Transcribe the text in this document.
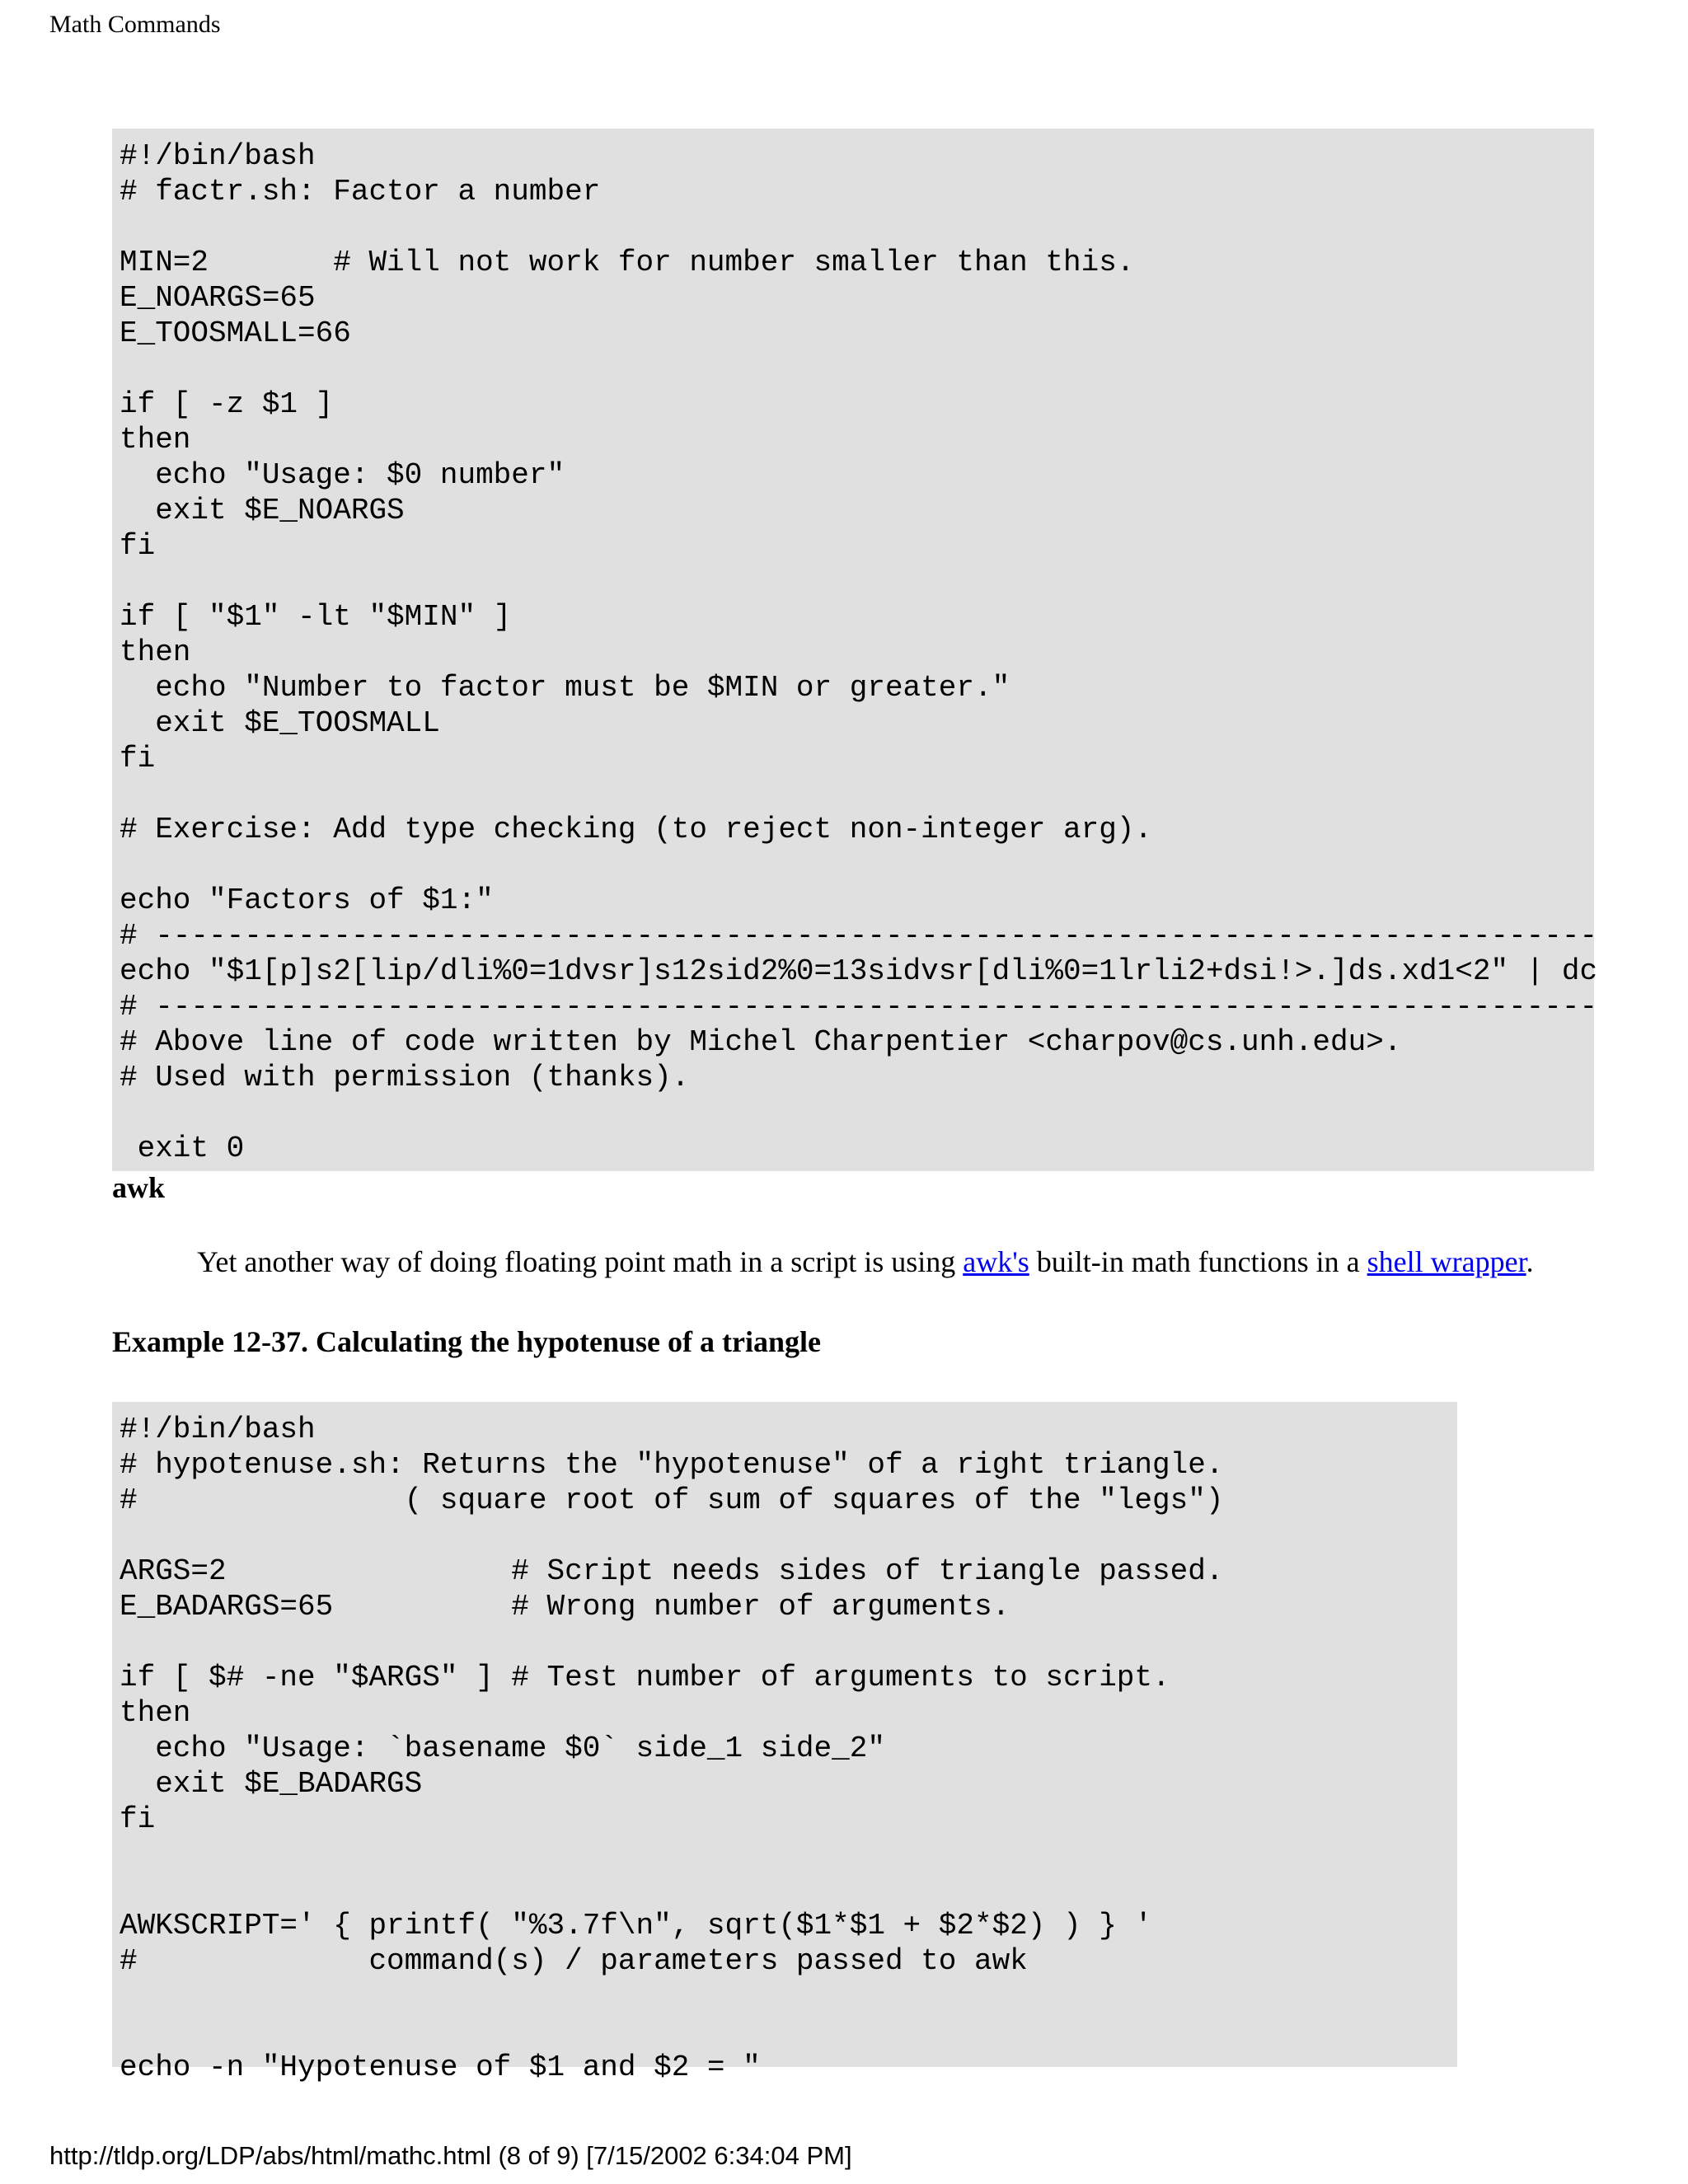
Math Commands
#!/bin/bash
# factr.sh: Factor a number

MIN=2       # Will not work for number smaller than this.
E_NOARGS=65
E_TOOSMALL=66

if [ -z $1 ]
then
echo "Usage: $0 number"
exit $E_NOARGS
fi

if [ "$1" -lt "$MIN" ]
then
echo "Number to factor must be $MIN or greater."
exit $E_TOOSMALL
fi

# Exercise: Add type checking (to reject non-integer arg).

echo "Factors of $1:"
# ---------------------------------------------------------------------------------
echo "$1[p]s2[lip/dli%0=1dvsr]s12sid2%0=13sidvsr[dli%0=1lrli2+dsi!>.]ds.xd1<2" | dc
# ---------------------------------------------------------------------------------
# Above line of code written by Michel Charpentier <charpov@cs.unh.edu>.
# Used with permission (thanks).

exit 0
awk
Yet another way of doing floating point math in a script is using awk's built-in math functions in a shell wrapper.
Example 12-37. Calculating the hypotenuse of a triangle
#!/bin/bash
# hypotenuse.sh: Returns the "hypotenuse" of a right triangle.
#               ( square root of sum of squares of the "legs")

ARGS=2                # Script needs sides of triangle passed.
E_BADARGS=65          # Wrong number of arguments.

if [ $# -ne "$ARGS" ] # Test number of arguments to script.
then
echo "Usage: `basename $0` side_1 side_2"
exit $E_BADARGS
fi

AWKSCRIPT=' { printf( "%3.7f\n", sqrt($1*$1 + $2*$2) ) } '
#             command(s) / parameters passed to awk

echo -n "Hypotenuse of $1 and $2 = "
http://tldp.org/LDP/abs/html/mathc.html (8 of 9) [7/15/2002 6:34:04 PM]
